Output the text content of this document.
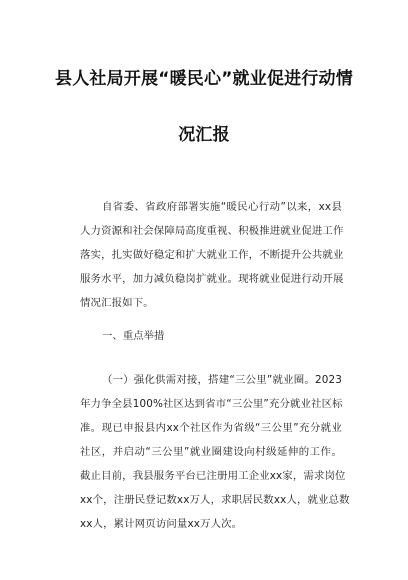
县人社局开展“暖民心”就业促进行动情
况汇报
自省委、省政府部署实施“暖民心行动”以来，xx县
人力资源和社会保障局高度重视、积极推进就业促进工作
落实，扎实做好稳定和扩大就业工作，不断提升公共就业
服务水平，加力减负稳岗扩就业。现将就业促进行动开展
情况汇报如下。
一、重点举措
（一）强化供需对接，搭建“三公里”就业圈。2023
年力争全县100%社区达到省市“三公里”充分就业社区标
准。现已申报县内xx个社区作为省级“三公里”充分就业
社区，并启动“三公里”就业圈建设向村级延伸的工作。
截止目前，我县服务平台已注册用工企业xx家，需求岗位
xx个，注册民登记数xx万人，求职居民数xx人，就业总数
xx人，累计网页访问量xx万人次。
